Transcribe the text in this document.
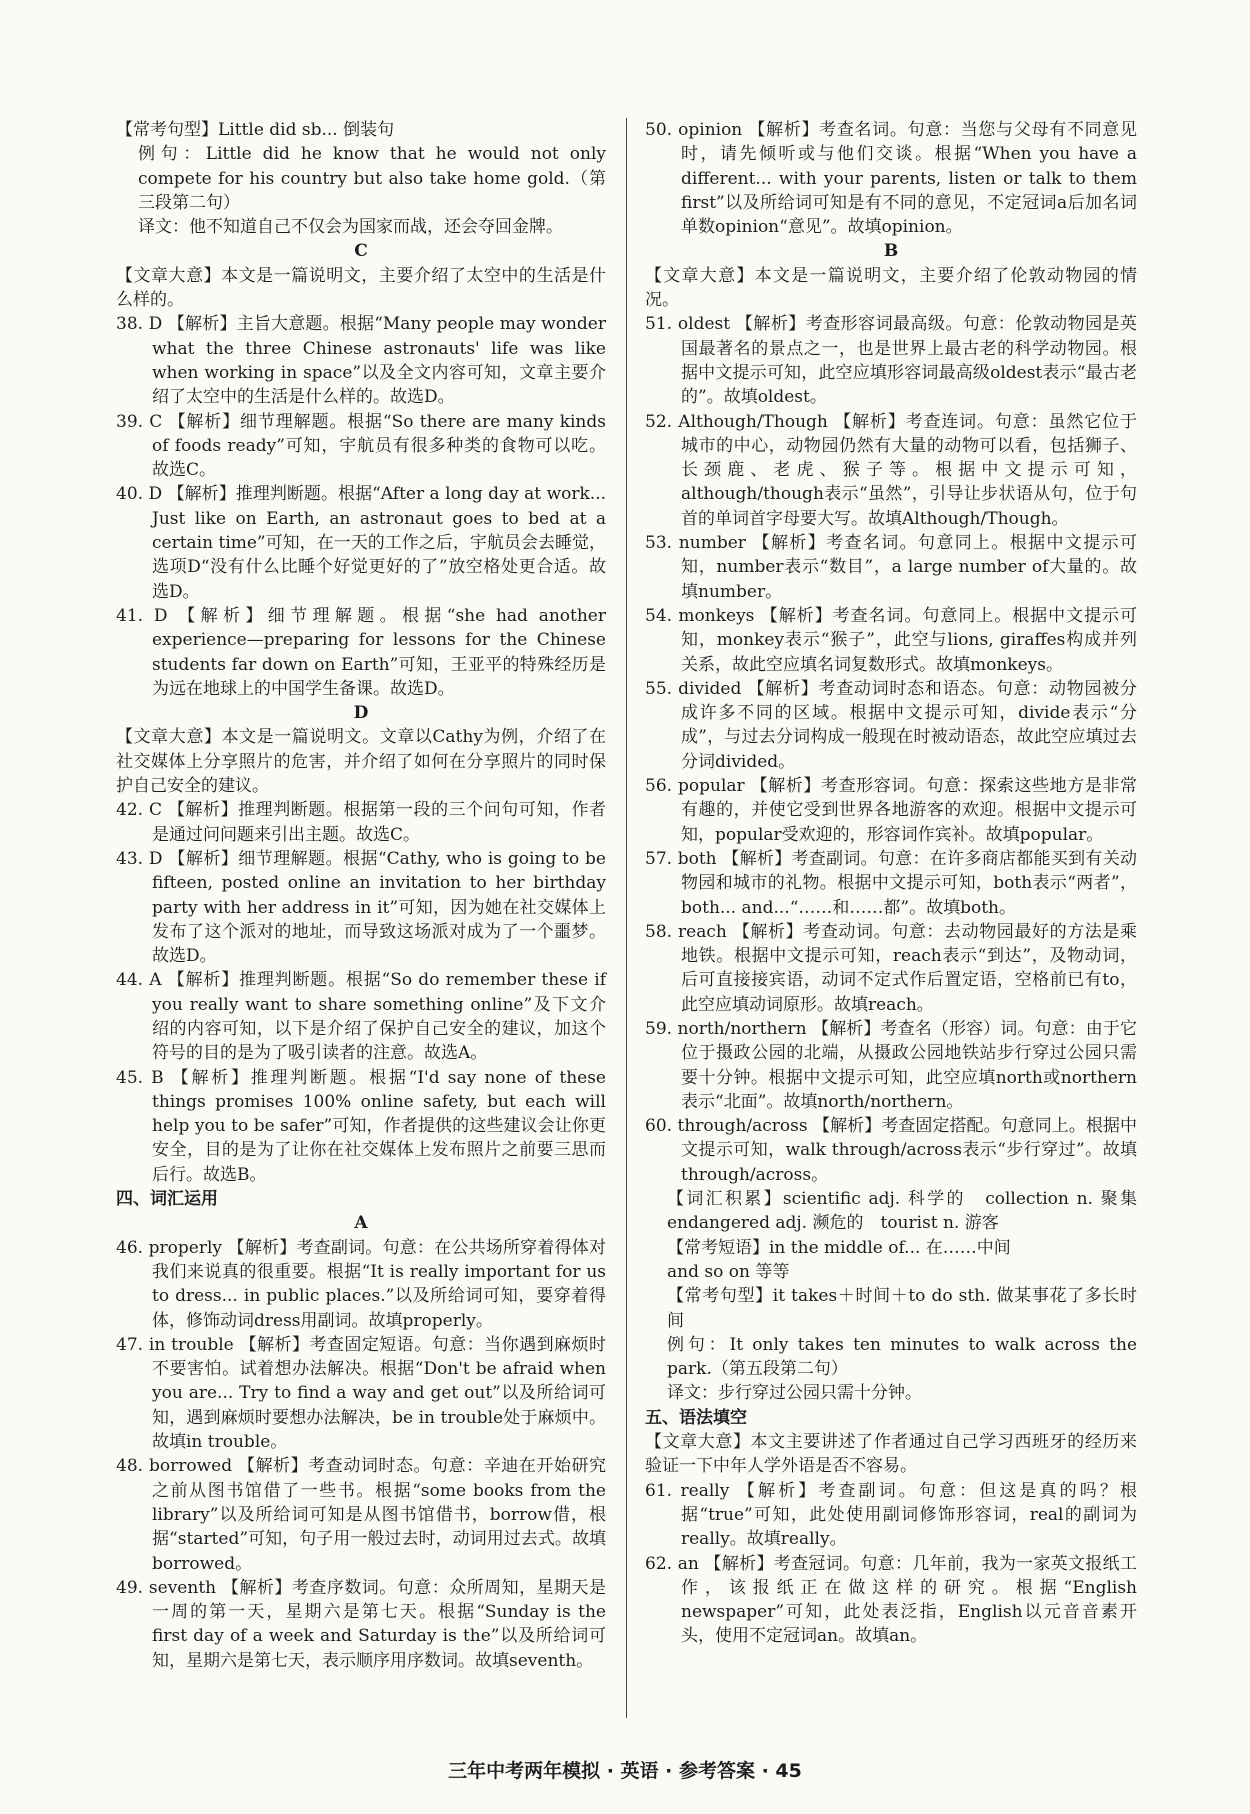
【常考句型】Little did sb... 倒装句

例句：Little did he know that he would not only compete for his country but also take home gold.（第三段第二句）

译文：他不知道自己不仅会为国家而战，还会夺回金牌。

C

【文章大意】本文是一篇说明文，主要介绍了太空中的生活是什么样的。

38. D 【解析】主旨大意题。根据“Many people may wonder what the three Chinese astronauts' life was like when working in space”以及全文内容可知，文章主要介绍了太空中的生活是什么样的。故选D。

39. C 【解析】细节理解题。根据“So there are many kinds of foods ready”可知，宇航员有很多种类的食物可以吃。故选C。

40. D 【解析】推理判断题。根据“After a long day at work... Just like on Earth, an astronaut goes to bed at a certain time”可知，在一天的工作之后，宇航员会去睡觉，选项D“没有什么比睡个好觉更好的了”放空格处更合适。故选D。

41. D 【解析】细节理解题。根据“she had another experience—preparing for lessons for the Chinese students far down on Earth”可知，王亚平的特殊经历是为远在地球上的中国学生备课。故选D。

D

【文章大意】本文是一篇说明文。文章以Cathy为例，介绍了在社交媒体上分享照片的危害，并介绍了如何在分享照片的同时保护自己安全的建议。

42. C 【解析】推理判断题。根据第一段的三个问句可知，作者是通过问问题来引出主题。故选C。

43. D 【解析】细节理解题。根据“Cathy, who is going to be fifteen, posted online an invitation to her birthday party with her address in it”可知，因为她在社交媒体上发布了这个派对的地址，而导致这场派对成为了一个噩梦。故选D。

44. A 【解析】推理判断题。根据“So do remember these if you really want to share something online”及下文介绍的内容可知，以下是介绍了保护自己安全的建议，加这个符号的目的是为了吸引读者的注意。故选A。

45. B 【解析】推理判断题。根据“I'd say none of these things promises 100% online safety, but each will help you to be safer”可知，作者提供的这些建议会让你更安全，目的是为了让你在社交媒体上发布照片之前要三思而后行。故选B。

四、词汇运用

A

46. properly 【解析】考查副词。句意：在公共场所穿着得体对我们来说真的很重要。根据“It is really important for us to dress... in public places.”以及所给词可知，要穿着得体，修饰动词dress用副词。故填properly。

47. in trouble 【解析】考查固定短语。句意：当你遇到麻烦时不要害怕。试着想办法解决。根据“Don't be afraid when you are... Try to find a way and get out”以及所给词可知，遇到麻烦时要想办法解决，be in trouble处于麻烦中。故填in trouble。

48. borrowed 【解析】考查动词时态。句意：辛迪在开始研究之前从图书馆借了一些书。根据“some books from the library”以及所给词可知是从图书馆借书，borrow借，根据“started”可知，句子用一般过去时，动词用过去式。故填borrowed。

49. seventh 【解析】考查序数词。句意：众所周知，星期天是一周的第一天，星期六是第七天。根据“Sunday is the first day of a week and Saturday is the”以及所给词可知，星期六是第七天，表示顺序用序数词。故填seventh。

50. opinion 【解析】考查名词。句意：当您与父母有不同意见时，请先倾听或与他们交谈。根据“When you have a different... with your parents, listen or talk to them first”以及所给词可知是有不同的意见，不定冠词a后加名词单数opinion“意见”。故填opinion。

B

【文章大意】本文是一篇说明文，主要介绍了伦敦动物园的情况。

51. oldest 【解析】考查形容词最高级。句意：伦敦动物园是英国最著名的景点之一，也是世界上最古老的科学动物园。根据中文提示可知，此空应填形容词最高级oldest表示“最古老的”。故填oldest。

52. Although/Though 【解析】考查连词。句意：虽然它位于城市的中心，动物园仍然有大量的动物可以看，包括狮子、长颈鹿、老虎、猴子等。根据中文提示可知，although/though表示“虽然”，引导让步状语从句，位于句首的单词首字母要大写。故填Although/Though。

53. number 【解析】考查名词。句意同上。根据中文提示可知，number表示“数目”，a large number of大量的。故填number。

54. monkeys 【解析】考查名词。句意同上。根据中文提示可知，monkey表示“猴子”，此空与lions, giraffes构成并列关系，故此空应填名词复数形式。故填monkeys。

55. divided 【解析】考查动词时态和语态。句意：动物园被分成许多不同的区域。根据中文提示可知，divide表示“分成”，与过去分词构成一般现在时被动语态，故此空应填过去分词divided。

56. popular 【解析】考查形容词。句意：探索这些地方是非常有趣的，并使它受到世界各地游客的欢迎。根据中文提示可知，popular受欢迎的，形容词作宾补。故填popular。

57. both 【解析】考查副词。句意：在许多商店都能买到有关动物园和城市的礼物。根据中文提示可知，both表示“两者”，both... and...“……和……都”。故填both。

58. reach 【解析】考查动词。句意：去动物园最好的方法是乘地铁。根据中文提示可知，reach表示“到达”，及物动词，后可直接接宾语，动词不定式作后置定语，空格前已有to，此空应填动词原形。故填reach。

59. north/northern 【解析】考查名（形容）词。句意：由于它位于摄政公园的北端，从摄政公园地铁站步行穿过公园只需要十分钟。根据中文提示可知，此空应填north或northern表示“北面”。故填north/northern。

60. through/across 【解析】考查固定搭配。句意同上。根据中文提示可知，walk through/across表示“步行穿过”。故填through/across。

【词汇积累】scientific adj. 科学的　collection n. 聚集　endangered adj. 濒危的　tourist n. 游客

【常考短语】in the middle of... 在……中间

and so on 等等

【常考句型】it takes＋时间＋to do sth. 做某事花了多长时间

例句：It only takes ten minutes to walk across the park.（第五段第二句）

译文：步行穿过公园只需十分钟。

五、语法填空

【文章大意】本文主要讲述了作者通过自己学习西班牙的经历来验证一下中年人学外语是否不容易。

61. really 【解析】考查副词。句意：但这是真的吗？根据“true”可知，此处使用副词修饰形容词，real的副词为really。故填really。

62. an 【解析】考查冠词。句意：几年前，我为一家英文报纸工作，该报纸正在做这样的研究。根据“English newspaper”可知，此处表泛指，English以元音音素开头，使用不定冠词an。故填an。

三年中考两年模拟 · 英语 · 参考答案 · 45
